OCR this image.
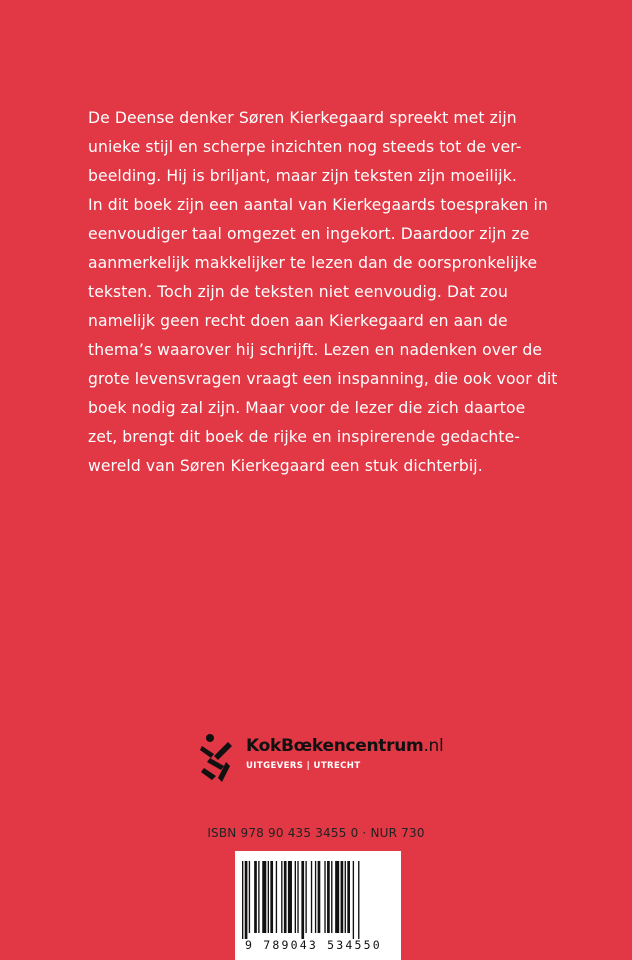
De Deense denker Søren Kierkegaard spreekt met zijn
unieke stijl en scherpe inzichten nog steeds tot de ver-
beelding. Hij is briljant, maar zijn teksten zijn moeilijk.
In dit boek zijn een aantal van Kierkegaards toespraken in
eenvoudiger taal omgezet en ingekort. Daardoor zijn ze
aanmerkelijk makkelijker te lezen dan de oorspronkelijke
teksten. Toch zijn de teksten niet eenvoudig. Dat zou
namelijk geen recht doen aan Kierkegaard en aan de
thema’s waarover hij schrijft. Lezen en nadenken over de
grote levensvragen vraagt een inspanning, die ook voor dit
boek nodig zal zijn. Maar voor de lezer die zich daartoe
zet, brengt dit boek de rijke en inspirerende gedachte-
wereld van Søren Kierkegaard een stuk dichterbij.
KokBœkencentrum.nl
UITGEVERS | UTRECHT
ISBN 978 90 435 3455 0 · NUR 730
9 789043 534550
